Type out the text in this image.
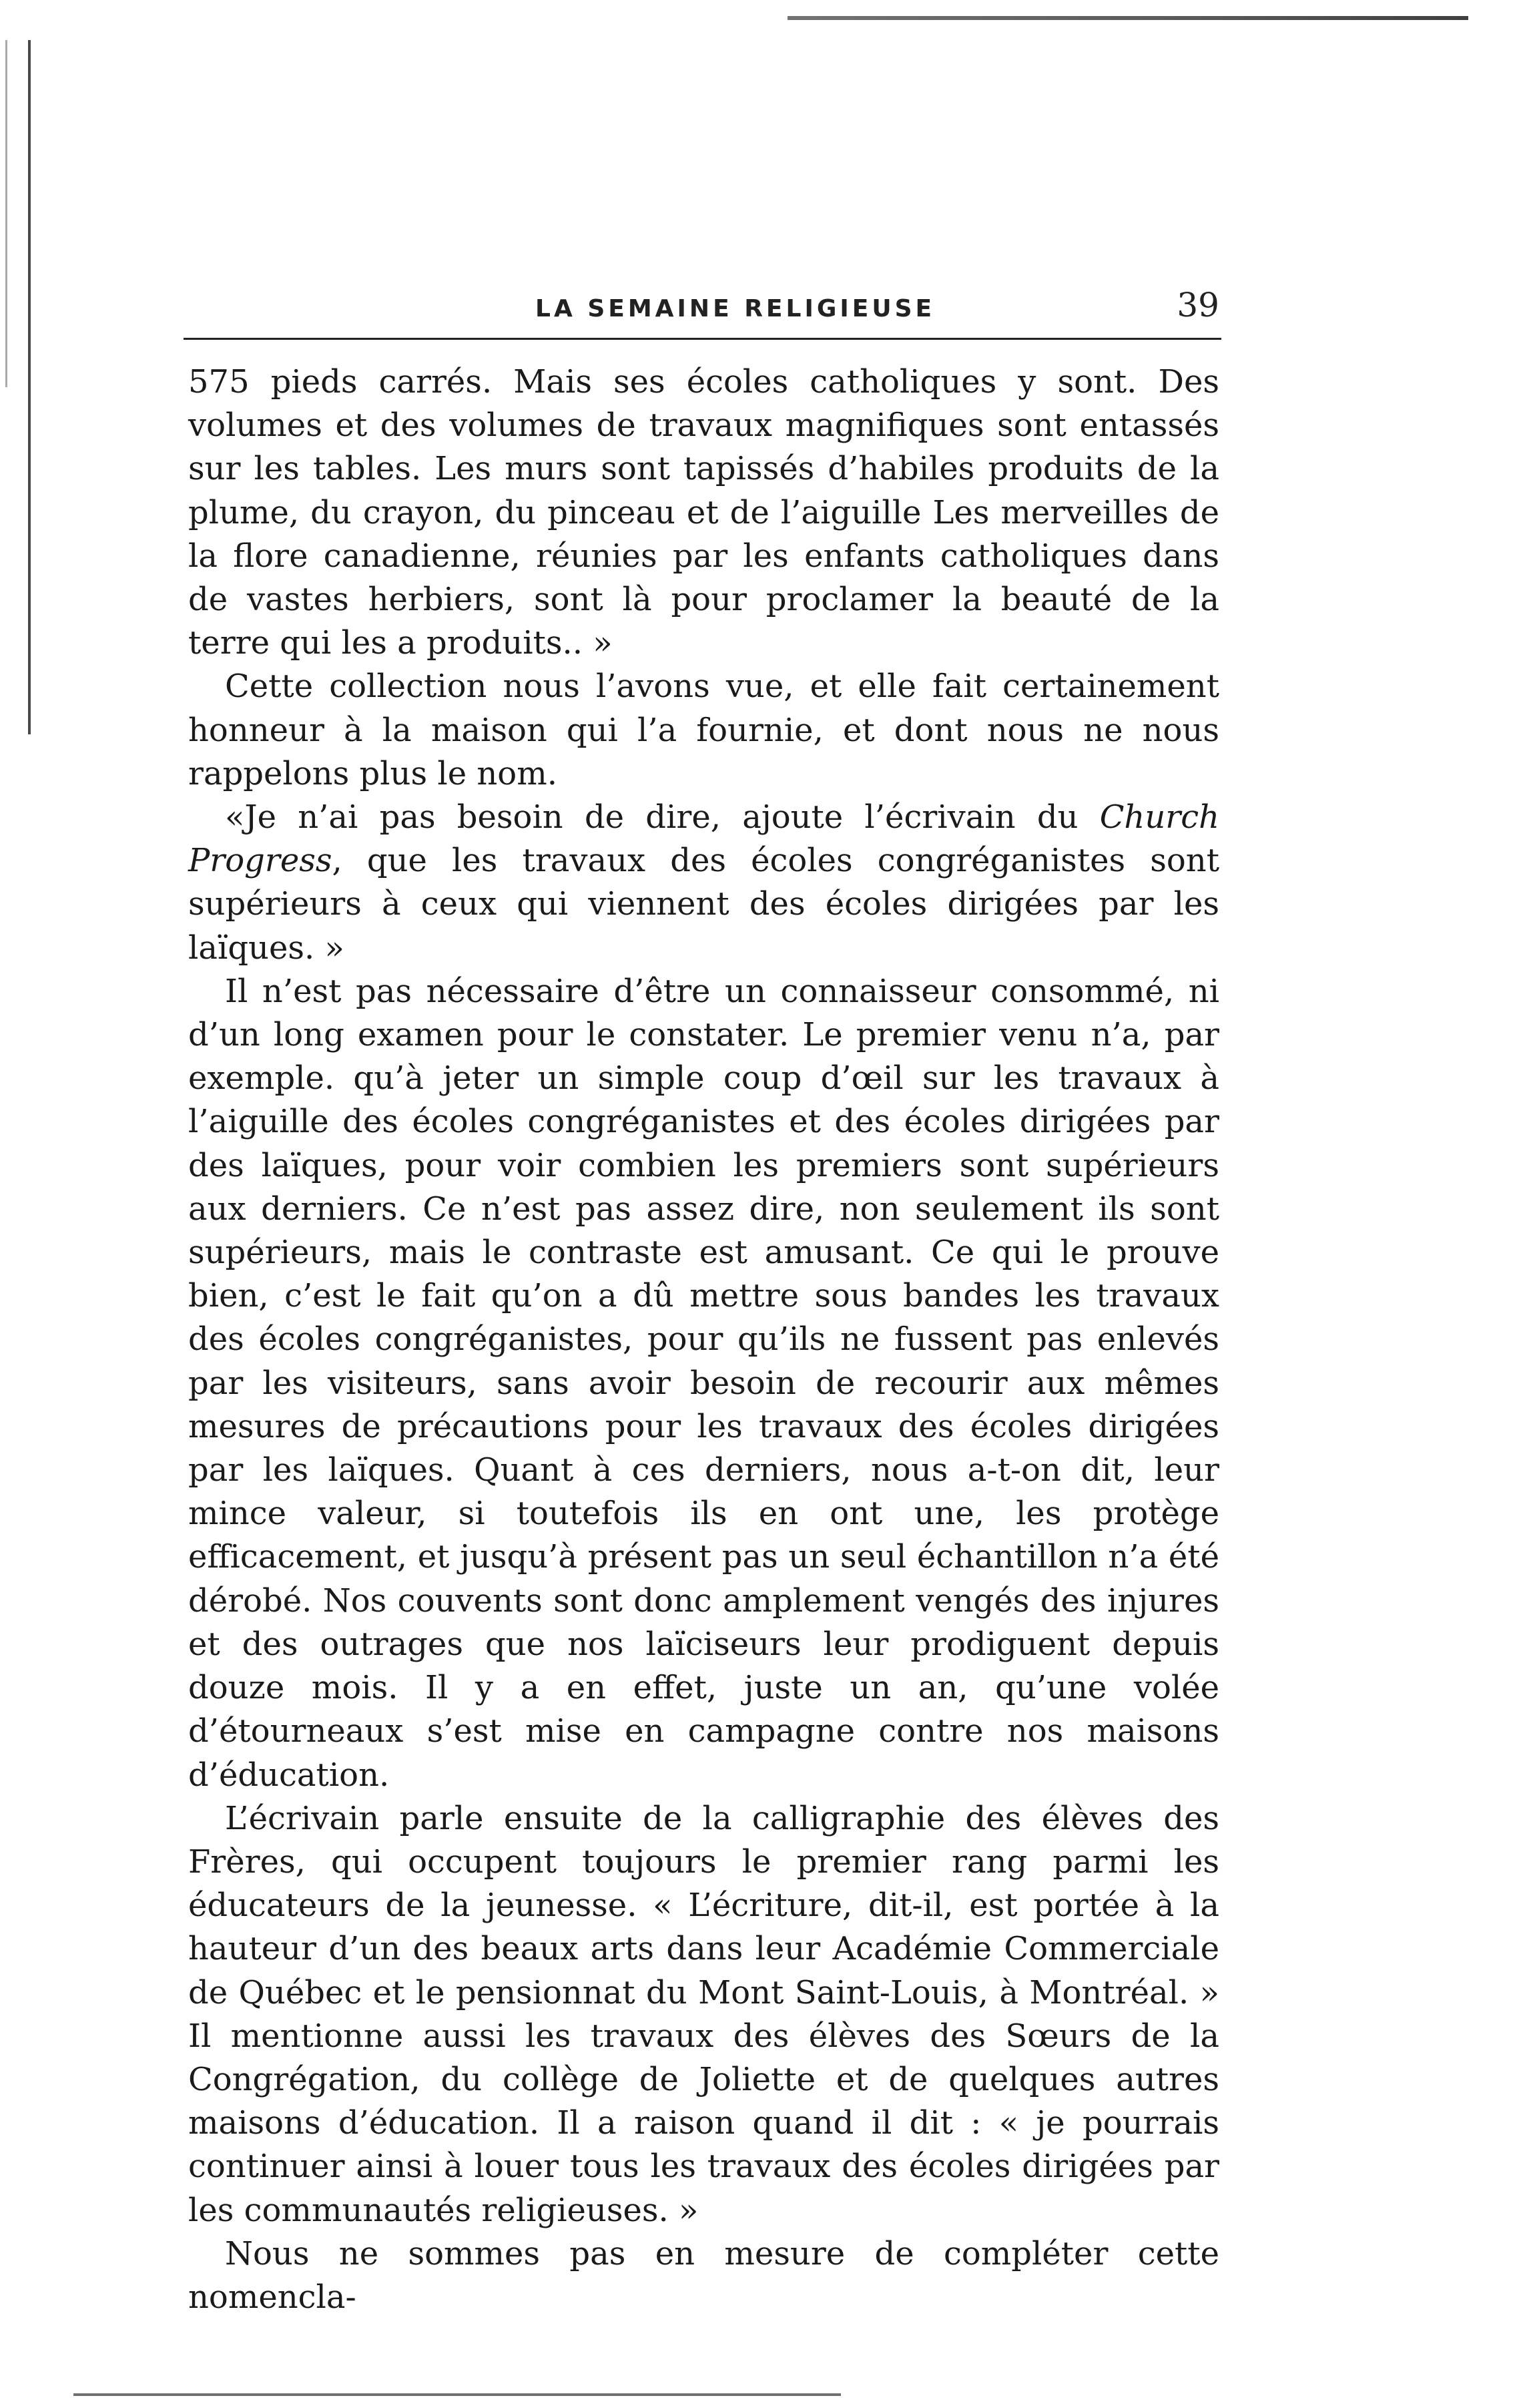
LA SEMAINE RELIGIEUSE	39

575 pieds carrés. Mais ses écoles catholiques y sont. Des volumes et des volumes de travaux magnifiques sont entassés sur les tables. Les murs sont tapissés d’habiles produits de la plume, du crayon, du pinceau et de l’aiguille Les merveilles de la flore canadienne, réunies par les enfants catholiques dans de vastes herbiers, sont là pour proclamer la beauté de la terre qui les a produits.. »

Cette collection nous l’avons vue, et elle fait certainement honneur à la maison qui l’a fournie, et dont nous ne nous rappelons plus le nom.

«Je n’ai pas besoin de dire, ajoute l’écrivain du Church Progress, que les travaux des écoles congréganistes sont supérieurs à ceux qui viennent des écoles dirigées par les laïques. »

Il n’est pas nécessaire d’être un connaisseur consommé, ni d’un long examen pour le constater. Le premier venu n’a, par exemple. qu’à jeter un simple coup d’œil sur les travaux à l’aiguille des écoles congréganistes et des écoles dirigées par des laïques, pour voir combien les premiers sont supérieurs aux derniers. Ce n’est pas assez dire, non seulement ils sont supérieurs, mais le contraste est amusant. Ce qui le prouve bien, c’est le fait qu’on a dû mettre sous bandes les travaux des écoles congréganistes, pour qu’ils ne fussent pas enlevés par les visiteurs, sans avoir besoin de recourir aux mêmes mesures de précautions pour les travaux des écoles dirigées par les laïques. Quant à ces derniers, nous a-t-on dit, leur mince valeur, si toutefois ils en ont une, les protège efficacement, et jusqu’à présent pas un seul échantillon n’a été dérobé. Nos couvents sont donc amplement vengés des injures et des outrages que nos laïciseurs leur prodiguent depuis douze mois. Il y a en effet, juste un an, qu’une volée d’étourneaux s’est mise en campagne contre nos maisons d’éducation.

L’écrivain parle ensuite de la calligraphie des élèves des Frères, qui occupent toujours le premier rang parmi les éducateurs de la jeunesse. « L’écriture, dit-il, est portée à la hauteur d’un des beaux arts dans leur Académie Commerciale de Québec et le pensionnat du Mont Saint-Louis, à Montréal. » Il mentionne aussi les travaux des élèves des Sœurs de la Congrégation, du collège de Joliette et de quelques autres maisons d’éducation. Il a raison quand il dit : « je pourrais continuer ainsi à louer tous les travaux des écoles dirigées par les communautés religieuses. »

Nous ne sommes pas en mesure de compléter cette nomencla-
